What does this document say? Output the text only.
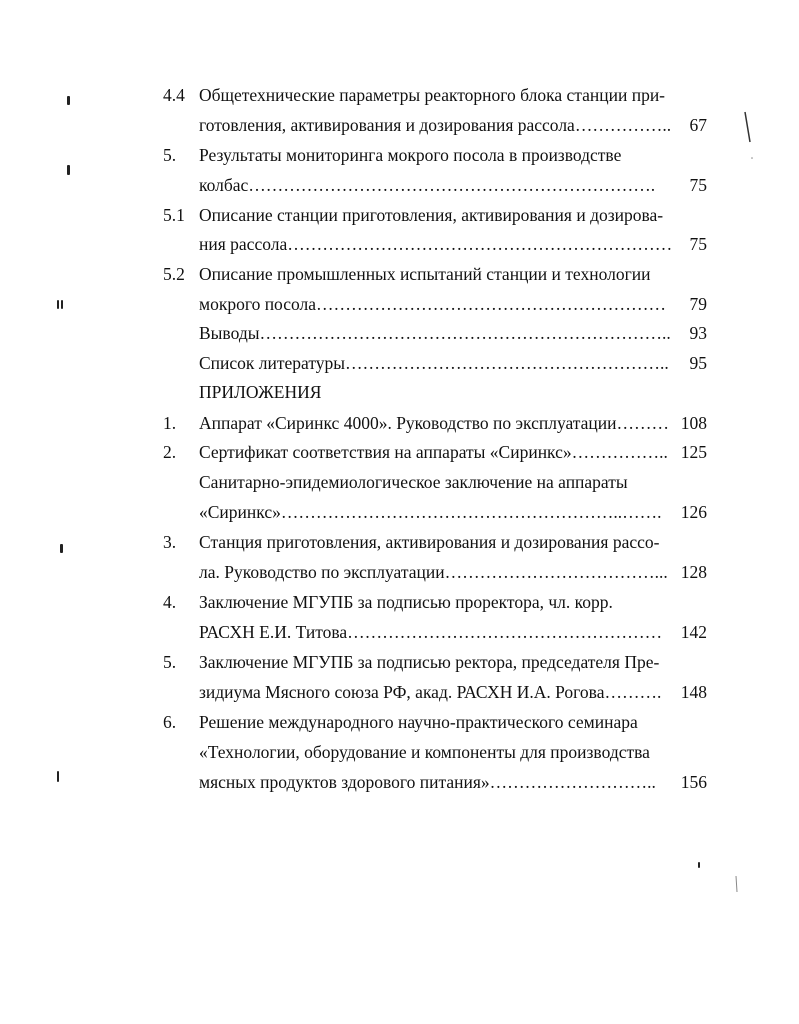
4.4 Общетехнические параметры реакторного блока станции при-
готовления, активирования и дозирования рассола…………….. 67
5. Результаты мониторинга мокрого посола в производстве
колбас……………………………………………………………. 75
5.1 Описание станции приготовления, активирования и дозирова-
ния рассола………………………………………………………… 75
5.2 Описание промышленных испытаний станции и технологии
мокрого посола…………………………………………………… 79
Выводы…………………………………………………………….. 93
Список литературы……………………………………………….. 95
ПРИЛОЖЕНИЯ
1. Аппарат «Сиринкс 4000». Руководство по эксплуатации……… 108
2. Сертификат соответствия на аппараты «Сиринкс»…………….. 125
Санитарно-эпидемиологическое заключение на аппараты
«Сиринкс»…………………………………………………..……. 126
3. Станция приготовления, активирования и дозирования рассо-
ла. Руководство по эксплуатации………………………………... 128
4. Заключение МГУПБ за подписью проректора, чл. корр.
РАСХН Е.И. Титова……………………………………………… 142
5. Заключение МГУПБ за подписью ректора, председателя Пре-
зидиума Мясного союза РФ, акад. РАСХН И.А. Рогова………. 148
6. Решение международного научно-практического семинара
«Технологии, оборудование и компоненты для производства
мясных продуктов здорового питания»……………………….. 156
